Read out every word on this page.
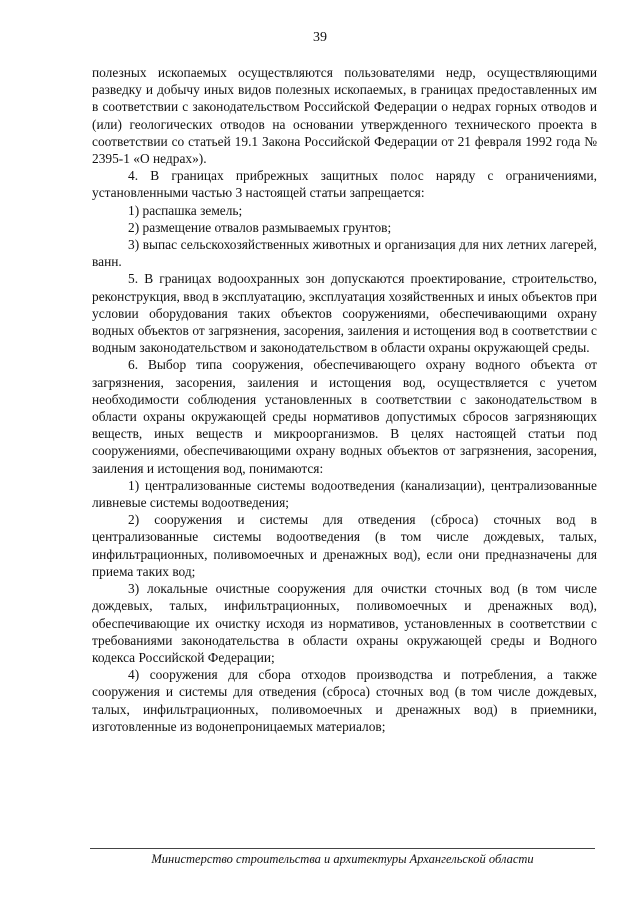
39

полезных ископаемых осуществляются пользователями недр, осуществляющими разведку и добычу иных видов полезных ископаемых, в границах предоставленных им в соответствии с законодательством Российской Федерации о недрах горных отводов и (или) геологических отводов на основании утвержденного технического проекта в соответствии со статьей 19.1 Закона Российской Федерации от 21 февраля 1992 года № 2395-1 «О недрах»).

4. В границах прибрежных защитных полос наряду с ограничениями, установленными частью 3 настоящей статьи запрещается:

1) распашка земель;

2) размещение отвалов размываемых грунтов;

3) выпас сельскохозяйственных животных и организация для них летних лагерей, ванн.

5. В границах водоохранных зон допускаются проектирование, строительство, реконструкция, ввод в эксплуатацию, эксплуатация хозяйственных и иных объектов при условии оборудования таких объектов сооружениями, обеспечивающими охрану водных объектов от загрязнения, засорения, заиления и истощения вод в соответствии с водным законодательством и законодательством в области охраны окружающей среды.

6. Выбор типа сооружения, обеспечивающего охрану водного объекта от загрязнения, засорения, заиления и истощения вод, осуществляется с учетом необходимости соблюдения установленных в соответствии с законодательством в области охраны окружающей среды нормативов допустимых сбросов загрязняющих веществ, иных веществ и микроорганизмов. В целях настоящей статьи под сооружениями, обеспечивающими охрану водных объектов от загрязнения, засорения, заиления и истощения вод, понимаются:

1) централизованные системы водоотведения (канализации), централизованные ливневые системы водоотведения;

2) сооружения и системы для отведения (сброса) сточных вод в централизованные системы водоотведения (в том числе дождевых, талых, инфильтрационных, поливомоечных и дренажных вод), если они предназначены для приема таких вод;

3) локальные очистные сооружения для очистки сточных вод (в том числе дождевых, талых, инфильтрационных, поливомоечных и дренажных вод), обеспечивающие их очистку исходя из нормативов, установленных в соответствии с требованиями законодательства в области охраны окружающей среды и Водного кодекса Российской Федерации;

4) сооружения для сбора отходов производства и потребления, а также сооружения и системы для отведения (сброса) сточных вод (в том числе дождевых, талых, инфильтрационных, поливомоечных и дренажных вод) в приемники, изготовленные из водонепроницаемых материалов;

Министерство строительства и архитектуры Архангельской области
